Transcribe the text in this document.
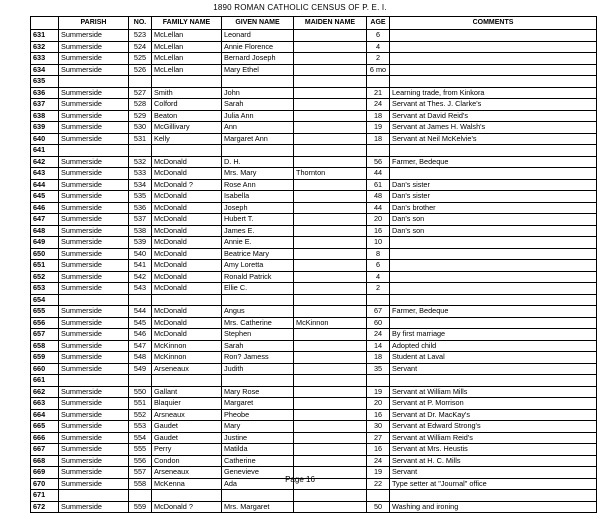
1890 ROMAN CATHOLIC CENSUS OF P. E. I.
	PARISH	NO.	FAMILY NAME	GIVEN NAME	MAIDEN NAME	AGE	COMMENTS
631	Summerside	523	McLellan	Leonard		6	
632	Summerside	524	McLellan	Annie Florence		4	
633	Summerside	525	McLellan	Bernard Joseph		2	
634	Summerside	526	McLellan	Mary Ethel		6 mo	
635							
636	Summerside	527	Smith	John		21	Learning trade, from Kinkora
637	Summerside	528	Colford	Sarah		24	Servant at Thes. J. Clarke's
638	Summerside	529	Beaton	Julia Ann		18	Servant at David Reid's
639	Summerside	530	McGillivary	Ann		19	Servant at James H. Walsh's
640	Summerside	531	Kelly	Margaret Ann		18	Servant at Neil McKelvie's
641							
642	Summerside	532	McDonald	D. H.		56	Farmer, Bedeque
643	Summerside	533	McDonald	Mrs. Mary	Thornton	44	
644	Summerside	534	McDonald ?	Rose Ann		61	Dan's sister
645	Summerside	535	McDonald	Isabella		48	Dan's sister
646	Summerside	536	McDonald	Joseph		44	Dan's brother
647	Summerside	537	McDonald	Hubert T.		20	Dan's son
648	Summerside	538	McDonald	James E.		16	Dan's son
649	Summerside	539	McDonald	Annie E.		10	
650	Summerside	540	McDonald	Beatrice Mary		8	
651	Summerside	541	McDonald	Amy Loretta		6	
652	Summerside	542	McDonald	Ronald Patrick		4	
653	Summerside	543	McDonald	Ellie C.		2	
654							
655	Summerside	544	McDonald	Angus		67	Farmer, Bedeque
656	Summerside	545	McDonald	Mrs. Catherine	McKinnon	60	
657	Summerside	546	McDonald	Stephen		24	By first marriage
658	Summerside	547	McKinnon	Sarah		14	Adopted child
659	Summerside	548	McKinnon	Ron? Jamess		18	Student at Laval
660	Summerside	549	Arseneaux	Judith		35	Servant
661							
662	Summerside	550	Gallant	Mary Rose		19	Servant at William Mills
663	Summerside	551	Blaquier	Margaret		20	Servant at P. Morrison
664	Summerside	552	Arsneaux	Pheobe		16	Servant at Dr. MacKay's
665	Summerside	553	Gaudet	Mary		30	Servant at Edward Strong's
666	Summerside	554	Gaudet	Justine		27	Servant at William Reid's
667	Summerside	555	Perry	Matilda		16	Servant at Mrs. Heustis
668	Summerside	556	Condon	Catherine		24	Servant at H. C. Mills
669	Summerside	557	Arseneaux	Genevieve		19	Servant
670	Summerside	558	McKenna	Ada		22	Type setter at "Journal" office
671							
672	Summerside	559	McDonald ?	Mrs. Margaret		50	Washing and ironing
Page 16
